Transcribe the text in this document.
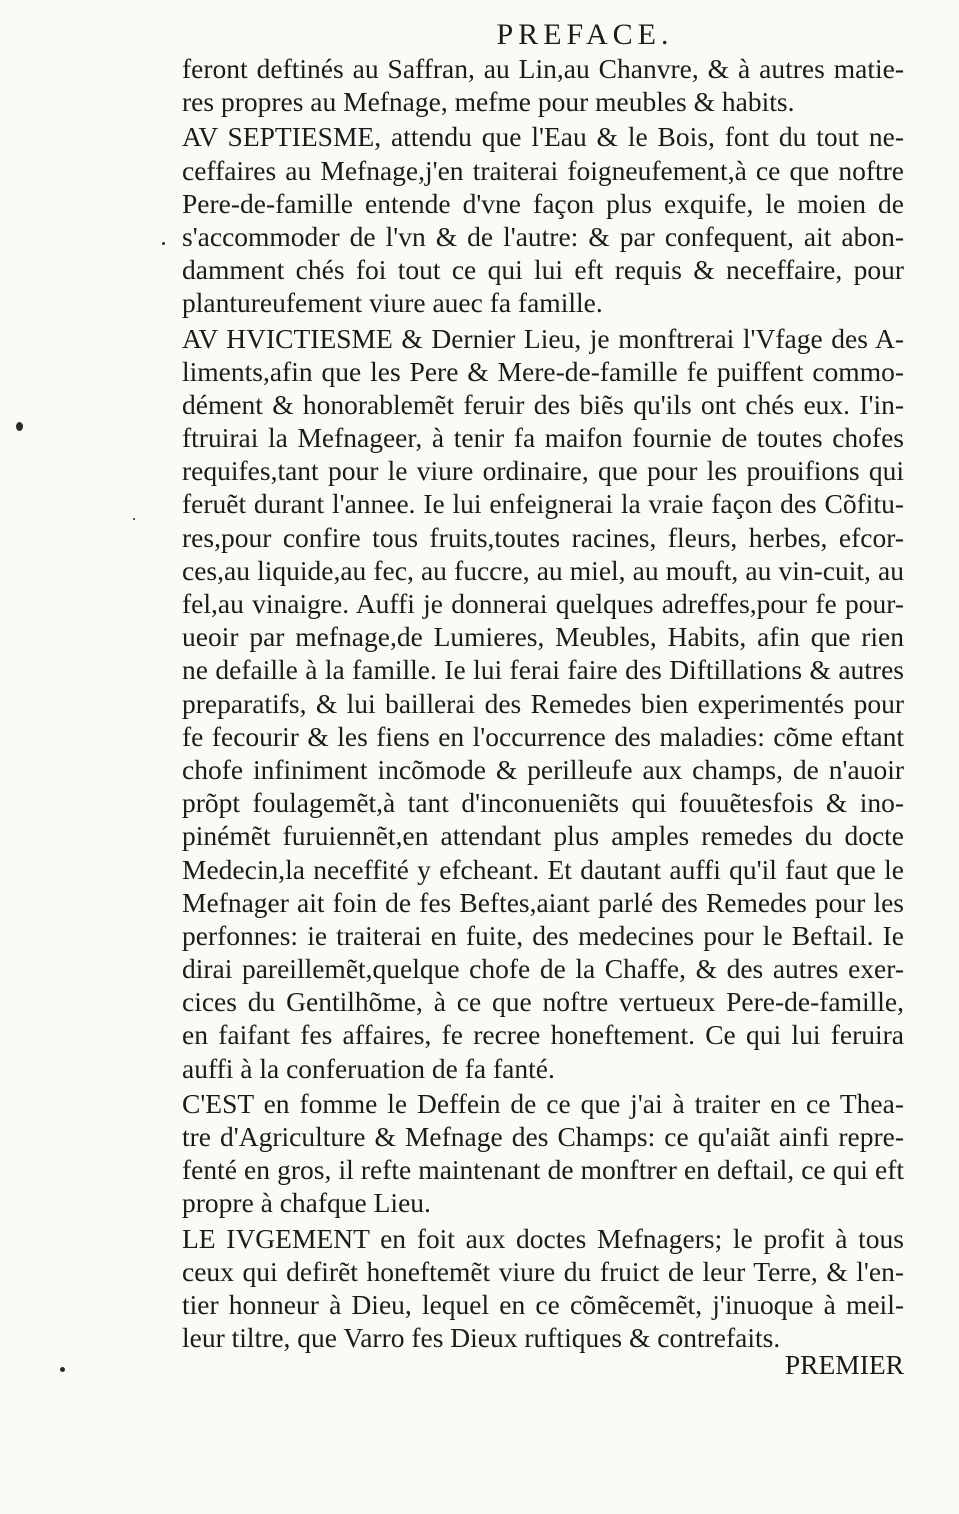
PREFACE.
feront deftinés au Saffran, au Lin,au Chanvre, & à autres matie-
res propres au Mefnage, mefme pour meubles & habits.
AV SEPTIESME, attendu que l'Eau & le Bois, font du tout ne-
ceffaires au Mefnage,j'en traiterai foigneufement,à ce que noftre
Pere-de-famille entende d'vne façon plus exquife, le moien de
s'accommoder de l'vn & de l'autre: & par confequent, ait abon-
damment chés foi tout ce qui lui eft requis & neceffaire, pour
plantureufement viure auec fa famille.
AV HVICTIESME & Dernier Lieu, je monftrerai l'Vfage des A-
liments,afin que les Pere & Mere-de-famille fe puiffent commo-
dément & honorablemẽt feruir des biẽs qu'ils ont chés eux. I'in-
ftruirai la Mefnageer, à tenir fa maifon fournie de toutes chofes
requifes,tant pour le viure ordinaire, que pour les prouifions qui
feruẽt durant l'annee. Ie lui enfeignerai la vraie façon des Cõfitu-
res,pour confire tous fruits,toutes racines, fleurs, herbes, efcor-
ces,au liquide,au fec, au fuccre, au miel, au mouft, au vin-cuit, au
fel,au vinaigre. Auffi je donnerai quelques adreffes,pour fe pour-
ueoir par mefnage,de Lumieres, Meubles, Habits, afin que rien
ne defaille à la famille. Ie lui ferai faire des Diftillations & autres
preparatifs, & lui baillerai des Remedes bien experimentés pour
fe fecourir & les fiens en l'occurrence des maladies: cõme eftant
chofe infiniment incõmode & perilleufe aux champs, de n'auoir
prõpt foulagemẽt,à tant d'inconueniẽts qui fouuẽtesfois & ino-
pinémẽt furuiennẽt,en attendant plus amples remedes du docte
Medecin,la neceffité y efcheant. Et dautant auffi qu'il faut que le
Mefnager ait foin de fes Beftes,aiant parlé des Remedes pour les
perfonnes: ie traiterai en fuite, des medecines pour le Beftail. Ie
dirai pareillemẽt,quelque chofe de la Chaffe, & des autres exer-
cices du Gentilhõme, à ce que noftre vertueux Pere-de-famille,
en faifant fes affaires, fe recree honeftement. Ce qui lui feruira
auffi à la conferuation de fa fanté.
C'EST en fomme le Deffein de ce que j'ai à traiter en ce Thea-
tre d'Agriculture & Mefnage des Champs: ce qu'aiãt ainfi repre-
fenté en gros, il refte maintenant de monftrer en deftail, ce qui eft
propre à chafque Lieu.
LE IVGEMENT en foit aux doctes Mefnagers; le profit à tous
ceux qui defirẽt honeftemẽt viure du fruict de leur Terre, & l'en-
tier honneur à Dieu, lequel en ce cõmẽcemẽt, j'inuoque à meil-
leur tiltre, que Varro fes Dieux ruftiques & contrefaits.
PREMIER
